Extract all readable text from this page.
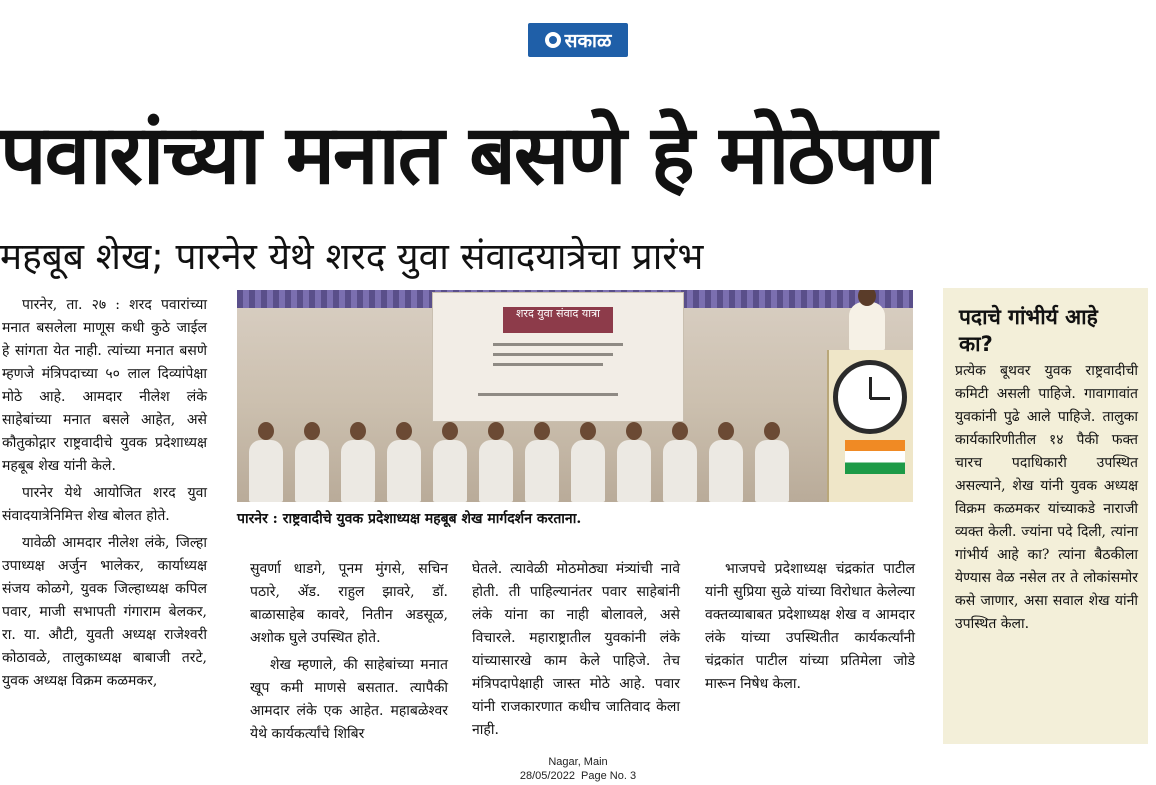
सकाळ
पवारांच्या मनात बसणे हे मोठेपण
महबूब शेख; पारनेर येथे शरद युवा संवादयात्रेचा प्रारंभ

पारनेर, ता. २७ : शरद पवारांच्या मनात बसलेला माणूस कधी कुठे जाईल हे सांगता येत नाही. त्यांच्या मनात बसणे म्हणजे मंत्रिपदाच्या ५० लाल दिव्यांपेक्षा मोठे आहे. आमदार नीलेश लंके साहेबांच्या मनात बसले आहेत, असे कौतुकोद्गार राष्ट्रवादीचे युवक प्रदेशाध्यक्ष महबूब शेख यांनी केले.

पारनेर येथे आयोजित शरद युवा संवादयात्रेनिमित्त शेख बोलत होते.

यावेळी आमदार नीलेश लंके, जिल्हा उपाध्यक्ष अर्जुन भालेकर, कार्याध्यक्ष संजय कोळगे, युवक जिल्हाध्यक्ष कपिल पवार, माजी सभापती गंगाराम बेलकर, रा. या. औटी, युवती अध्यक्ष राजेश्वरी कोठावळे, तालुकाध्यक्ष बाबाजी तरटे, युवक अध्यक्ष विक्रम कळमकर,

शरद युवा संवाद यात्रा
पारनेर : राष्ट्रवादीचे युवक प्रदेशाध्यक्ष महबूब शेख मार्गदर्शन करताना.

सुवर्णा धाडगे, पूनम मुंगसे, सचिन पठारे, ॲड. राहुल झावरे, डॉ. बाळासाहेब कावरे, नितीन अडसूळ, अशोक घुले उपस्थित होते.

शेख म्हणाले, की साहेबांच्या मनात खूप कमी माणसे बसतात. त्यापैकी आमदार लंके एक आहेत. महाबळेश्वर येथे कार्यकर्त्यांचे शिबिर

घेतले. त्यावेळी मोठमोठ्या मंत्र्यांची नावे होती. ती पाहिल्यानंतर पवार साहेबांनी लंके यांना का नाही बोलावले, असे विचारले. महाराष्ट्रातील युवकांनी लंके यांच्यासारखे काम केले पाहिजे. तेच मंत्रिपदापेक्षाही जास्त मोठे आहे. पवार यांनी राजकारणात कधीच जातिवाद केला नाही.

भाजपचे प्रदेशाध्यक्ष चंद्रकांत पाटील यांनी सुप्रिया सुळे यांच्या विरोधात केलेल्या वक्तव्याबाबत प्रदेशाध्यक्ष शेख व आमदार लंके यांच्या उपस्थितीत कार्यकर्त्यांनी चंद्रकांत पाटील यांच्या प्रतिमेला जोडे मारून निषेध केला.

पदाचे गांभीर्य आहे का?
प्रत्येक बूथवर युवक राष्ट्रवादीची कमिटी असली पाहिजे. गावागावांत युवकांनी पुढे आले पाहिजे. तालुका कार्यकारिणीतील १४ पैकी फक्त चारच पदाधिकारी उपस्थित असल्याने, शेख यांनी युवक अध्यक्ष विक्रम कळमकर यांच्याकडे नाराजी व्यक्त केली. ज्यांना पदे दिली, त्यांना गांभीर्य आहे का? त्यांना बैठकीला येण्यास वेळ नसेल तर ते लोकांसमोर कसे जाणार, असा सवाल शेख यांनी उपस्थित केला.
Nagar, Main
28/05/2022  Page No. 3
